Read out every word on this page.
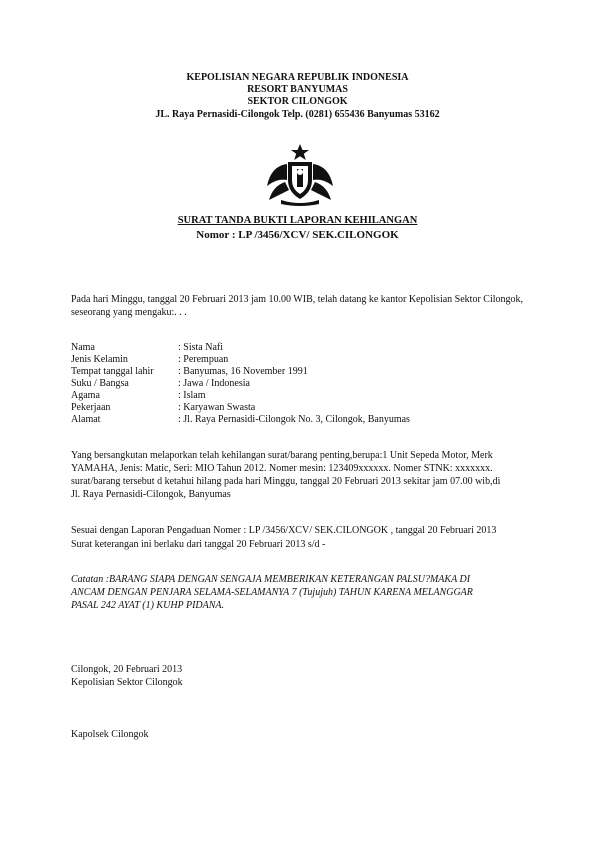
KEPOLISIAN NEGARA REPUBLIK INDONESIA
RESORT BANYUMAS
SEKTOR CILONGOK
JL. Raya Pernasidi-Cilongok Telp. (0281) 655436 Banyumas 53162
SURAT TANDA BUKTI LAPORAN KEHILANGAN
Nomor : LP /3456/XCV/ SEK.CILONGOK
Pada hari Minggu, tanggal 20 Februari 2013 jam 10.00 WIB, telah datang ke kantor Kepolisian Sektor Cilongok, seseorang yang mengaku:. . .
Nama	: Sista Nafi
Jenis Kelamin	: Perempuan
Tempat tanggal lahir : Banyumas, 16 November 1991
Suku / Bangsa	: Jawa / Indonesia
Agama	: Islam
Pekerjaan	: Karyawan Swasta
Alamat	: Jl. Raya Pernasidi-Cilongok No. 3, Cilongok, Banyumas
Yang bersangkutan melaporkan telah kehilangan surat/barang penting,berupa:1 Unit Sepeda Motor, Merk
YAMAHA, Jenis: Matic, Seri: MIO Tahun 2012. Nomer mesin: 123409xxxxxx. Nomer STNK: xxxxxxx.
surat/barang tersebut d ketahui hilang pada hari Minggu, tanggal 20 Februari 2013 sekitar jam 07.00 wib,di
Jl. Raya Pernasidi-Cilongok, Banyumas
Sesuai dengan Laporan Pengaduan Nomer : LP /3456/XCV/ SEK.CILONGOK , tanggal 20 Februari 2013
Surat keterangan ini berlaku dari tanggal 20 Februari 2013 s/d -
Catatan :BARANG SIAPA DENGAN SENGAJA MEMBERIKAN KETERANGAN PALSU?MAKA DI
ANCAM DENGAN PENJARA SELAMA-SELAMANYA 7 (Tujujuh) TAHUN KARENA MELANGGAR
PASAL 242 AYAT (1) KUHP PIDANA.
Cilongok, 20 Februari 2013
Kepolisian Sektor Cilongok
Kapolsek Cilongok
